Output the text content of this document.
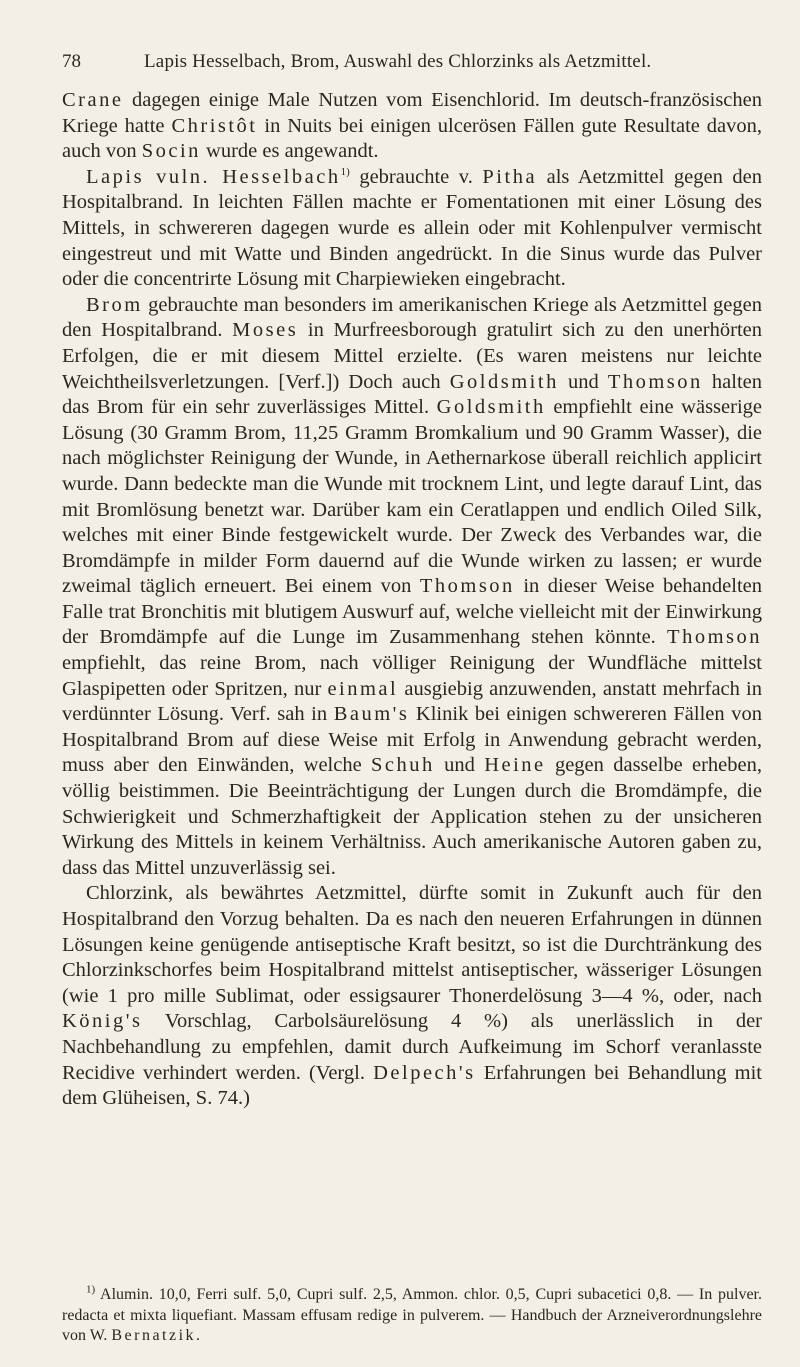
78	Lapis Hesselbach, Brom, Auswahl des Chlorzinks als Aetzmittel.

Crane dagegen einige Male Nutzen vom Eisenchlorid. Im deutsch-französischen Kriege hatte Christôt in Nuits bei einigen ulcerösen Fällen gute Resultate davon, auch von Socin wurde es angewandt.

Lapis vuln. Hesselbach$^{1)}$ gebrauchte v. Pitha als Aetzmittel gegen den Hospitalbrand. In leichten Fällen machte er Fomentationen mit einer Lösung des Mittels, in schwereren dagegen wurde es allein oder mit Kohlenpulver vermischt eingestreut und mit Watte und Binden angedrückt. In die Sinus wurde das Pulver oder die concentrirte Lösung mit Charpiewieken eingebracht.

Brom gebrauchte man besonders im amerikanischen Kriege als Aetzmittel gegen den Hospitalbrand. Moses in Murfreesborough gratulirt sich zu den unerhörten Erfolgen, die er mit diesem Mittel erzielte. (Es waren meistens nur leichte Weichtheilsverletzungen. [Verf.]) Doch auch Goldsmith und Thomson halten das Brom für ein sehr zuverlässiges Mittel. Goldsmith empfiehlt eine wässerige Lösung (30 Gramm Brom, 11,25 Gramm Bromkalium und 90 Gramm Wasser), die nach möglichster Reinigung der Wunde, in Aethernarkose überall reichlich applicirt wurde. Dann bedeckte man die Wunde mit trocknem Lint, und legte darauf Lint, das mit Bromlösung benetzt war. Darüber kam ein Ceratlappen und endlich Oiled Silk, welches mit einer Binde festgewickelt wurde. Der Zweck des Verbandes war, die Bromdämpfe in milder Form dauernd auf die Wunde wirken zu lassen; er wurde zweimal täglich erneuert. Bei einem von Thomson in dieser Weise behandelten Falle trat Bronchitis mit blutigem Auswurf auf, welche vielleicht mit der Einwirkung der Bromdämpfe auf die Lunge im Zusammenhang stehen könnte. Thomson empfiehlt, das reine Brom, nach völliger Reinigung der Wundfläche mittelst Glaspipetten oder Spritzen, nur einmal ausgiebig anzuwenden, anstatt mehrfach in verdünnter Lösung. Verf. sah in Baum's Klinik bei einigen schwereren Fällen von Hospitalbrand Brom auf diese Weise mit Erfolg in Anwendung gebracht werden, muss aber den Einwänden, welche Schuh und Heine gegen dasselbe erheben, völlig beistimmen. Die Beeinträchtigung der Lungen durch die Bromdämpfe, die Schwierigkeit und Schmerzhaftigkeit der Application stehen zu der unsicheren Wirkung des Mittels in keinem Verhältniss. Auch amerikanische Autoren gaben zu, dass das Mittel unzuverlässig sei.

Chlorzink, als bewährtes Aetzmittel, dürfte somit in Zukunft auch für den Hospitalbrand den Vorzug behalten. Da es nach den neueren Erfahrungen in dünnen Lösungen keine genügende antiseptische Kraft besitzt, so ist die Durchtränkung des Chlorzinkschorfes beim Hospitalbrand mittelst antiseptischer, wässeriger Lösungen (wie 1 pro mille Sublimat, oder essigsaurer Thonerdelösung 3—4 %, oder, nach König's Vorschlag, Carbolsäurelösung 4 %) als unerlässlich in der Nachbehandlung zu empfehlen, damit durch Aufkeimung im Schorf veranlasste Recidive verhindert werden. (Vergl. Delpech's Erfahrungen bei Behandlung mit dem Glüheisen, S. 74.)

$^{1)}$ Alumin. 10,0, Ferri sulf. 5,0, Cupri sulf. 2,5, Ammon. chlor. 0,5, Cupri subacetici 0,8. — In pulver. redacta et mixta liquefiant. Massam effusam redige in pulverem. — Handbuch der Arzneiverordnungslehre von W. Bernatzik.
